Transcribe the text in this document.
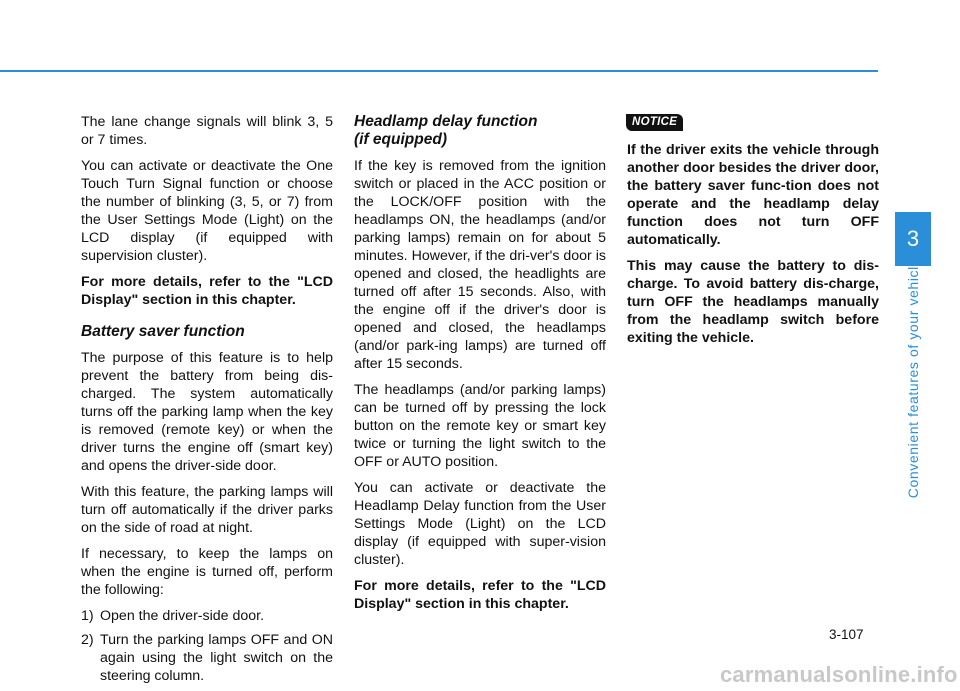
The lane change signals will blink 3, 5 or 7 times.

You can activate or deactivate the One Touch Turn Signal function or choose the number of blinking (3, 5, or 7) from the User Settings Mode (Light) on the LCD display (if equipped with supervision cluster).

For more details, refer to the "LCD Display" section in this chapter.

Battery saver function

The purpose of this feature is to help prevent the battery from being dis-charged. The system automatically turns off the parking lamp when the key is removed (remote key) or when the driver turns the engine off (smart key) and opens the driver-side door.

With this feature, the parking lamps will turn off automatically if the driver parks on the side of road at night.

If necessary, to keep the lamps on when the engine is turned off, perform the following:

1) Open the driver-side door.
2) Turn the parking lamps OFF and ON again using the light switch on the steering column.
Headlamp delay function
(if equipped)

If the key is removed from the ignition switch or placed in the ACC position or the LOCK/OFF position with the headlamps ON, the headlamps (and/or parking lamps) remain on for about 5 minutes. However, if the dri-ver's door is opened and closed, the headlights are turned off after 15 seconds. Also, with the engine off if the driver's door is opened and closed, the headlamps (and/or park-ing lamps) are turned off after 15 seconds.

The headlamps (and/or parking lamps) can be turned off by pressing the lock button on the remote key or smart key twice or turning the light switch to the OFF or AUTO position.

You can activate or deactivate the Headlamp Delay function from the User Settings Mode (Light) on the LCD display (if equipped with super-vision cluster).

For more details, refer to the "LCD Display" section in this chapter.

NOTICE

If the driver exits the vehicle through another door besides the driver door, the battery saver func-tion does not operate and the headlamp delay function does not turn OFF automatically.

This may cause the battery to dis-charge. To avoid battery dis-charge, turn OFF the headlamps manually from the headlamp switch before exiting the vehicle.

3
Convenient features of your vehicle
3-107
carmanualsonline.info
